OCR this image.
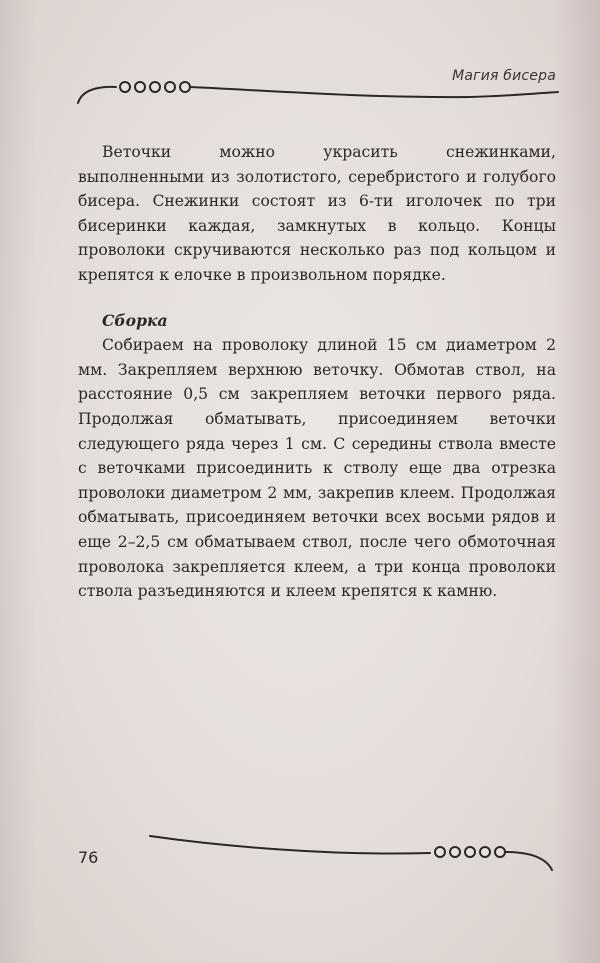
Магия бисера

Веточки можно украсить снежинками, выполненными из золотистого, серебристого и голубого бисера. Снежинки состоят из 6-ти иголочек по три бисеринки каждая, замкнутых в кольцо. Концы проволоки скручиваются несколько раз под кольцом и крепятся к елочке в произвольном порядке.

Сборка

Собираем на проволоку длиной 15 см диаметром 2 мм. Закрепляем верхнюю веточку. Обмотав ствол, на расстояние 0,5 см закрепляем веточки первого ряда. Продолжая обматывать, присоединяем веточки следующего ряда через 1 см. С середины ствола вместе с веточками присоединить к стволу еще два отрезка проволоки диаметром 2 мм, закрепив клеем. Продолжая обматывать, присоединяем веточки всех восьми рядов и еще 2–2,5 см обматываем ствол, после чего обмоточная проволока закрепляется клеем, а три конца проволоки ствола разъединяются и клеем крепятся к камню.

76
